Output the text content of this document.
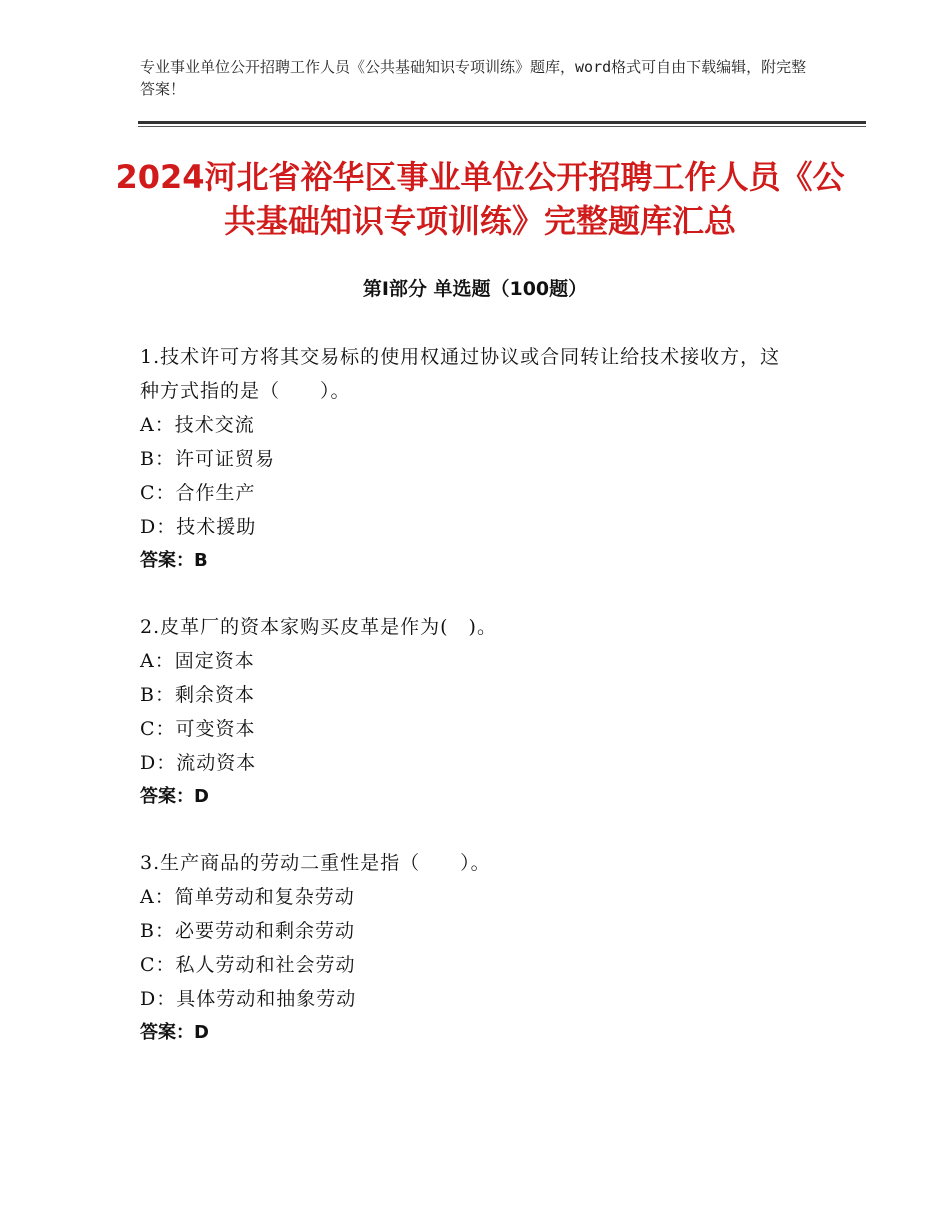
专业事业单位公开招聘工作人员《公共基础知识专项训练》题库，word格式可自由下载编辑，附完整答案！
2024河北省裕华区事业单位公开招聘工作人员《公共基础知识专项训练》完整题库汇总
第Ⅰ部分 单选题（100题）
1.技术许可方将其交易标的使用权通过协议或合同转让给技术接收方，这种方式指的是（　　）。
A：技术交流
B：许可证贸易
C：合作生产
D：技术援助
答案：B
2.皮革厂的资本家购买皮革是作为(　)。
A：固定资本
B：剩余资本
C：可变资本
D：流动资本
答案：D
3.生产商品的劳动二重性是指（　　）。
A：简单劳动和复杂劳动
B：必要劳动和剩余劳动
C：私人劳动和社会劳动
D：具体劳动和抽象劳动
答案：D
